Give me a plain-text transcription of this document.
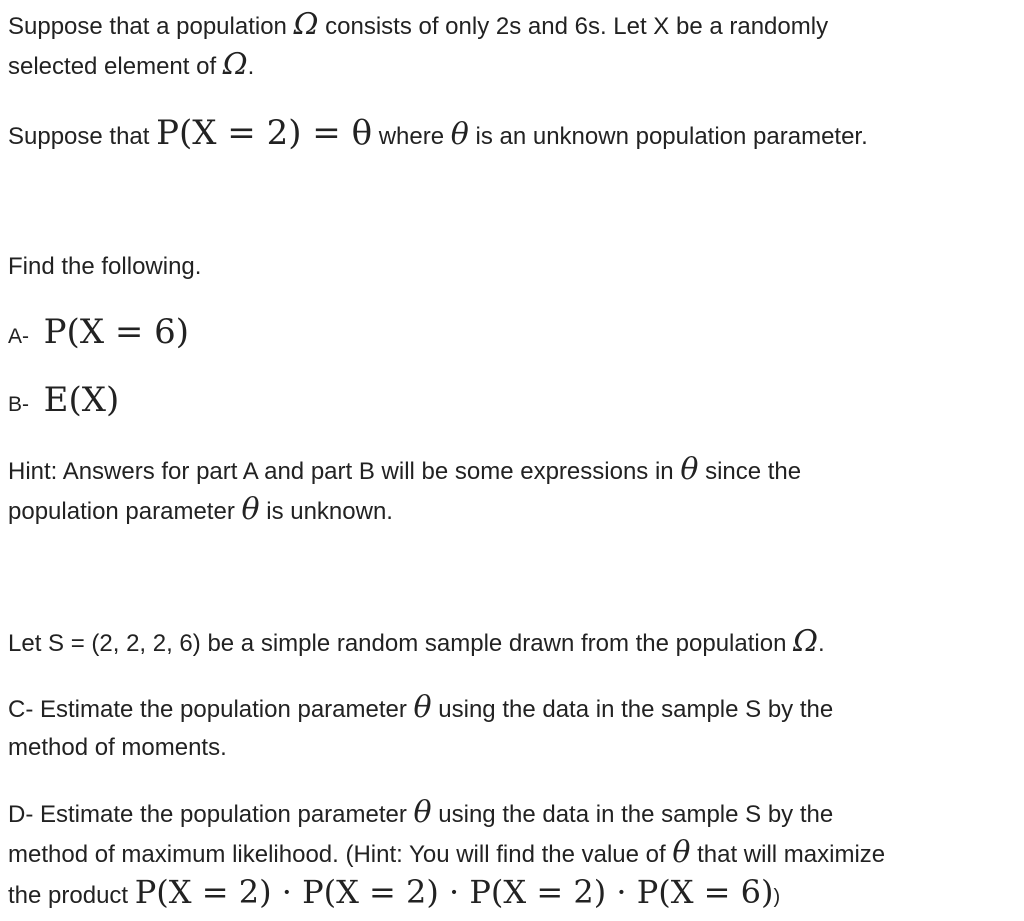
Suppose that a population Ω consists of only 2s and 6s. Let X be a randomly
selected element of Ω.
Suppose that P(X = 2) = θ where θ is an unknown population parameter.
Find the following.
A- P(X = 6)
B- E(X)
Hint: Answers for part A and part B will be some expressions in θ since the
population parameter θ is unknown.
Let S = (2, 2, 2, 6) be a simple random sample drawn from the population Ω.
C- Estimate the population parameter θ using the data in the sample S by the
method of moments.
D- Estimate the population parameter θ using the data in the sample S by the
method of maximum likelihood. (Hint: You will find the value of θ that will maximize
the product P(X = 2) · P(X = 2) · P(X = 2) · P(X = 6))
